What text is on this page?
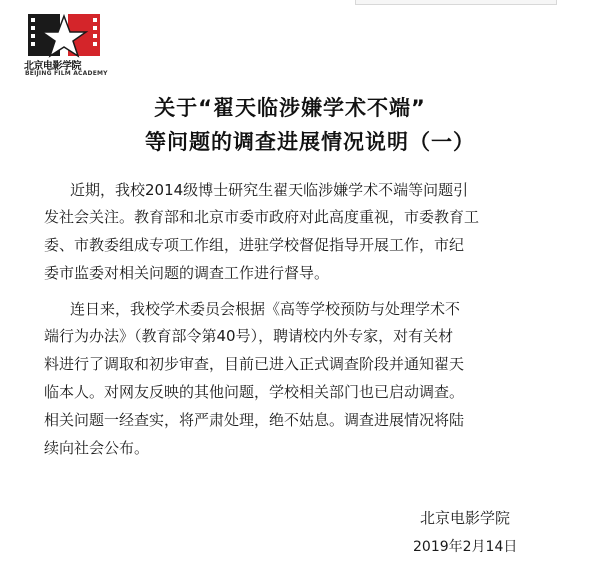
北京电影学院
BEIJING FILM ACADEMY
关于“翟天临涉嫌学术不端”
等问题的调查进展情况说明（一）
近期，我校2014级博士研究生翟天临涉嫌学术不端等问题引
发社会关注。教育部和北京市委市政府对此高度重视，市委教育工
委、市教委组成专项工作组，进驻学校督促指导开展工作，市纪
委市监委对相关问题的调查工作进行督导。
连日来，我校学术委员会根据《高等学校预防与处理学术不
端行为办法》（教育部令第40号），聘请校内外专家，对有关材
料进行了调取和初步审查，目前已进入正式调查阶段并通知翟天
临本人。对网友反映的其他问题，学校相关部门也已启动调查。
相关问题一经查实，将严肃处理，绝不姑息。调查进展情况将陆
续向社会公布。
北京电影学院
2019年2月14日
